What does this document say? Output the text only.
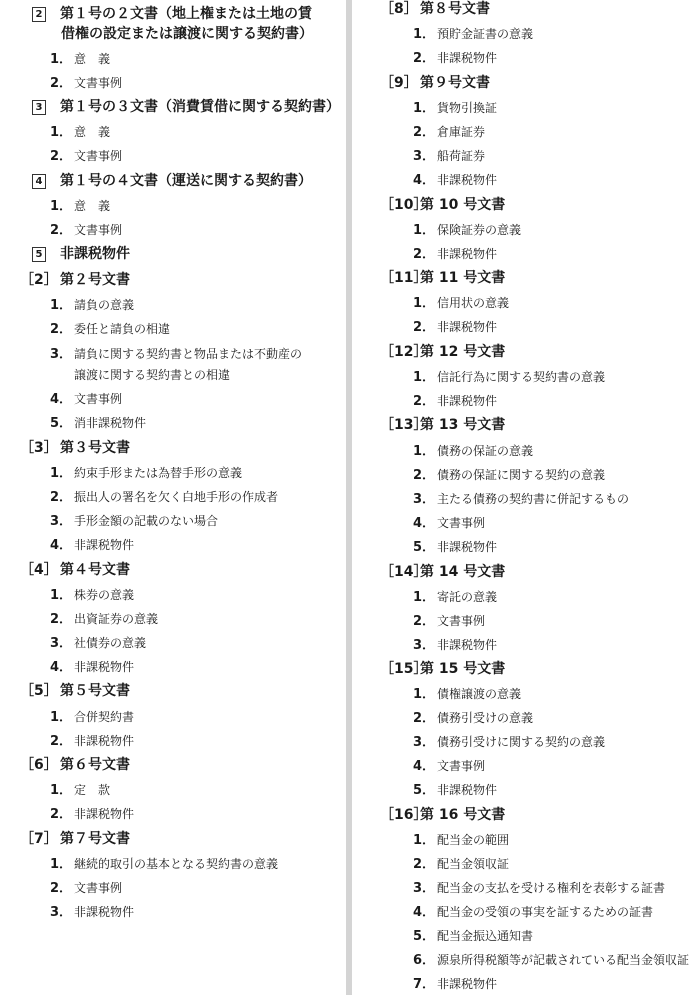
2 第１号の２文書（地上権または土地の賃
借権の設定または譲渡に関する契約書）
1． 意　義
2． 文書事例
3 第１号の３文書（消費賃借に関する契約書）
1． 意　義
2． 文書事例
4 第１号の４文書（運送に関する契約書）
1． 意　義
2． 文書事例
5 非課税物件
［2］ 第２号文書
1． 請負の意義
2． 委任と請負の相違
3． 請負に関する契約書と物品または不動産の
譲渡に関する契約書との相違
4． 文書事例
5． 消非課税物件
［3］ 第３号文書
1． 約束手形または為替手形の意義
2． 振出人の署名を欠く白地手形の作成者
3． 手形金額の記載のない場合
4． 非課税物件
［4］ 第４号文書
1． 株券の意義
2． 出資証券の意義
3． 社債券の意義
4． 非課税物件
［5］ 第５号文書
1． 合併契約書
2． 非課税物件
［6］ 第６号文書
1． 定　款
2． 非課税物件
［7］ 第７号文書
1． 継続的取引の基本となる契約書の意義
2． 文書事例
3． 非課税物件
［8］ 第８号文書
1． 預貯金証書の意義
2． 非課税物件
［9］ 第９号文書
1． 貨物引換証
2． 倉庫証券
3． 船荷証券
4． 非課税物件
［10］第 10 号文書
1． 保険証券の意義
2． 非課税物件
［11］第 11 号文書
1． 信用状の意義
2． 非課税物件
［12］第 12 号文書
1． 信託行為に関する契約書の意義
2． 非課税物件
［13］第 13 号文書
1． 債務の保証の意義
2． 債務の保証に関する契約の意義
3． 主たる債務の契約書に併記するもの
4． 文書事例
5． 非課税物件
［14］第 14 号文書
1． 寄託の意義
2． 文書事例
3． 非課税物件
［15］第 15 号文書
1． 債権譲渡の意義
2． 債務引受けの意義
3． 債務引受けに関する契約の意義
4． 文書事例
5． 非課税物件
［16］第 16 号文書
1． 配当金の範囲
2． 配当金領収証
3． 配当金の支払を受ける権利を表彰する証書
4． 配当金の受領の事実を証するための証書
5． 配当金振込通知書
6． 源泉所得税額等が記載されている配当金領収証
7． 非課税物件
